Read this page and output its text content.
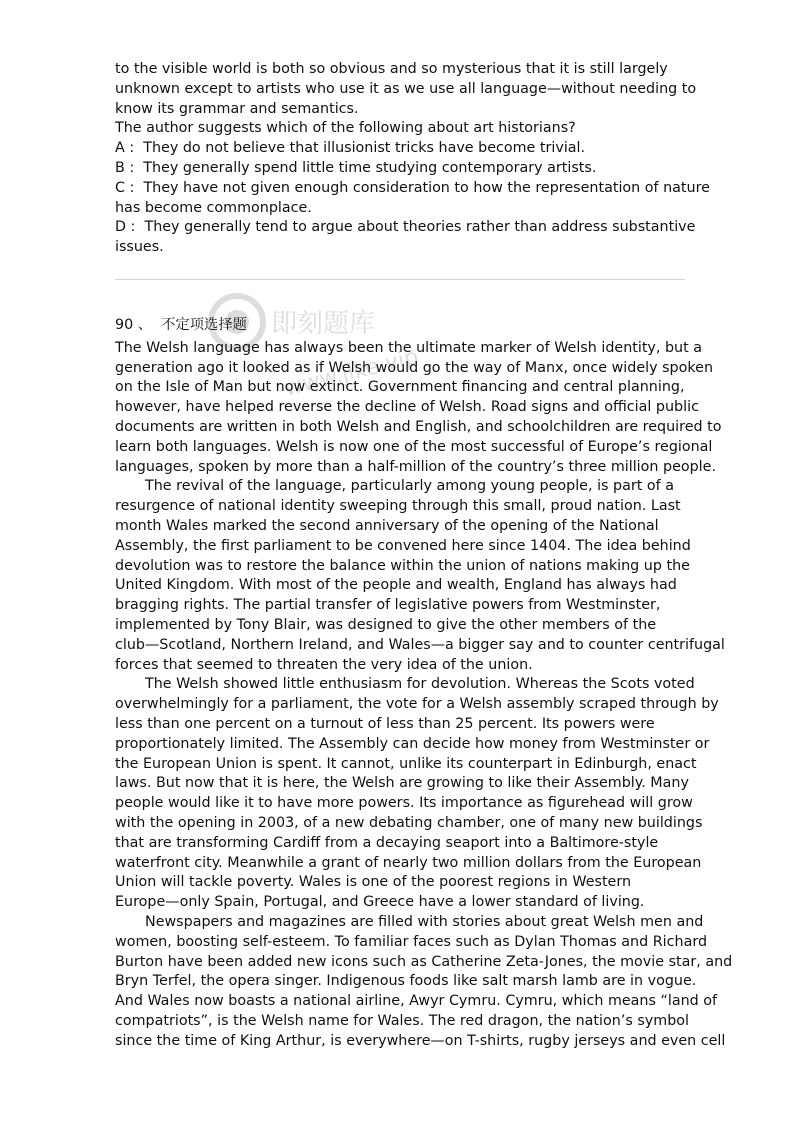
to the visible world is both so obvious and so mysterious that it is still largely
unknown except to artists who use it as we use all language—without needing to
know its grammar and semantics.
The author suggests which of the following about art historians?
A : They do not believe that illusionist tricks have become trivial.
B : They generally spend little time studying contemporary artists.
C : They have not given enough consideration to how the representation of nature
has become commonplace.
D : They generally tend to argue about theories rather than address substantive
issues.
即刻题库
www.jike.vip
90 、 不定项选择题
The Welsh language has always been the ultimate marker of Welsh identity, but a
generation ago it looked as if Welsh would go the way of Manx, once widely spoken
on the Isle of Man but now extinct. Government financing and central planning,
however, have helped reverse the decline of Welsh. Road signs and official public
documents are written in both Welsh and English, and schoolchildren are required to
learn both languages. Welsh is now one of the most successful of Europe’s regional
languages, spoken by more than a half-million of the country’s three million people.
The revival of the language, particularly among young people, is part of a
resurgence of national identity sweeping through this small, proud nation. Last
month Wales marked the second anniversary of the opening of the National
Assembly, the first parliament to be convened here since 1404. The idea behind
devolution was to restore the balance within the union of nations making up the
United Kingdom. With most of the people and wealth, England has always had
bragging rights. The partial transfer of legislative powers from Westminster,
implemented by Tony Blair, was designed to give the other members of the
club—Scotland, Northern Ireland, and Wales—a bigger say and to counter centrifugal
forces that seemed to threaten the very idea of the union.
The Welsh showed little enthusiasm for devolution. Whereas the Scots voted
overwhelmingly for a parliament, the vote for a Welsh assembly scraped through by
less than one percent on a turnout of less than 25 percent. Its powers were
proportionately limited. The Assembly can decide how money from Westminster or
the European Union is spent. It cannot, unlike its counterpart in Edinburgh, enact
laws. But now that it is here, the Welsh are growing to like their Assembly. Many
people would like it to have more powers. Its importance as figurehead will grow
with the opening in 2003, of a new debating chamber, one of many new buildings
that are transforming Cardiff from a decaying seaport into a Baltimore-style
waterfront city. Meanwhile a grant of nearly two million dollars from the European
Union will tackle poverty. Wales is one of the poorest regions in Western
Europe—only Spain, Portugal, and Greece have a lower standard of living.
Newspapers and magazines are filled with stories about great Welsh men and
women, boosting self-esteem. To familiar faces such as Dylan Thomas and Richard
Burton have been added new icons such as Catherine Zeta-Jones, the movie star, and
Bryn Terfel, the opera singer. Indigenous foods like salt marsh lamb are in vogue.
And Wales now boasts a national airline, Awyr Cymru. Cymru, which means “land of
compatriots”, is the Welsh name for Wales. The red dragon, the nation’s symbol
since the time of King Arthur, is everywhere—on T-shirts, rugby jerseys and even cell
